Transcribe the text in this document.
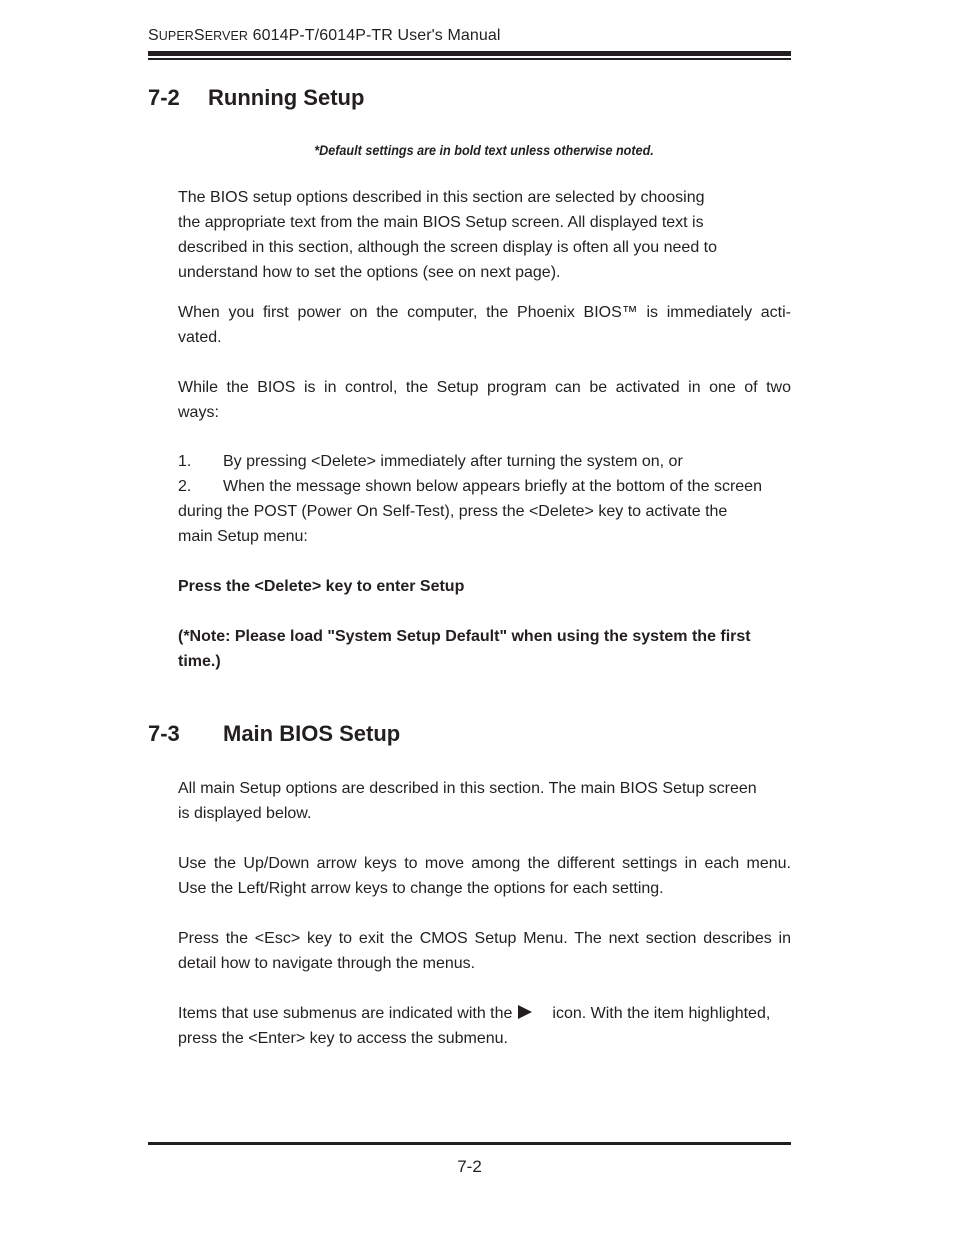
SUPERSERVER 6014P-T/6014P-TR User's Manual
7-2 Running Setup
*Default settings are in bold text unless otherwise noted.
The BIOS setup options described in this section are selected by choosing
the appropriate text from the main BIOS Setup screen. All displayed text is
described in this section, although the screen display is often all you need to
understand how to set the options (see on next page).
When you first power on the computer, the Phoenix BIOS™ is immediately acti-
vated.
While the BIOS is in control, the Setup program can be activated in one of two
ways:
1. By pressing <Delete> immediately after turning the system on, or
2. When the message shown below appears briefly at the bottom of the screen
during the POST (Power On Self-Test), press the <Delete> key to activate the
main Setup menu:
Press the <Delete> key to enter Setup
(*Note: Please load "System Setup Default" when using the system the first
time.)
7-3 Main BIOS Setup
All main Setup options are described in this section. The main BIOS Setup screen
is displayed below.
Use the Up/Down arrow keys to move among the different settings in each menu.
Use the Left/Right arrow keys to change the options for each setting.
Press the <Esc> key to exit the CMOS Setup Menu. The next section describes in
detail how to navigate through the menus.
Items that use submenus are indicated with the	icon. With the item highlighted,
press the <Enter> key to access the submenu.
7-2
